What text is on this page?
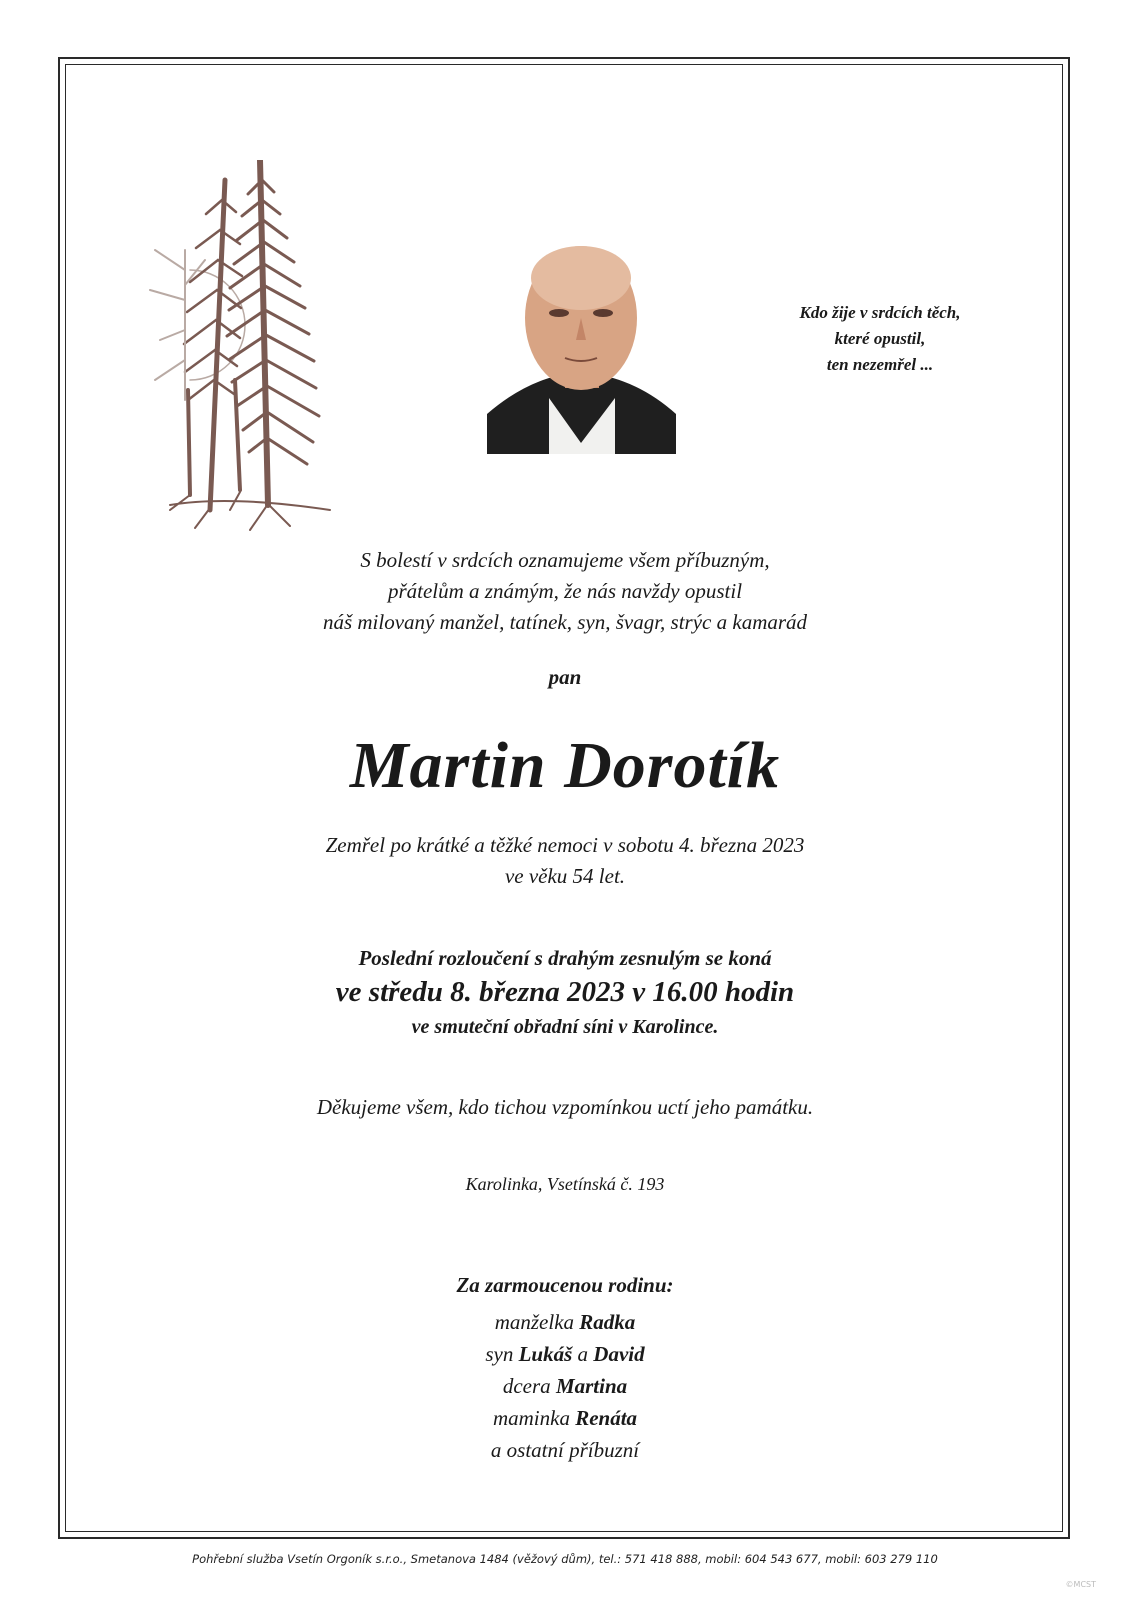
Kdo žije v srdcích těch,
které opustil,
ten nezemřel ...
S bolestí v srdcích oznamujeme všem příbuzným,
přátelům a známým, že nás navždy opustil
náš milovaný manžel, tatínek, syn, švagr, strýc a kamarád
pan
Martin Dorotík
Zemřel po krátké a těžké nemoci v sobotu 4. března 2023
ve věku 54 let.
Poslední rozloučení s drahým zesnulým se koná
ve středu 8. března 2023 v 16.00 hodin
ve smuteční obřadní síni v Karolince.
Děkujeme všem, kdo tichou vzpomínkou uctí jeho památku.
Karolinka, Vsetínská č. 193
Za zarmoucenou rodinu:
manželka Radka
syn Lukáš a David
dcera Martina
maminka Renáta
a ostatní příbuzní
Pohřební služba Vsetín Orgoník s.r.o., Smetanova 1484 (věžový dům), tel.: 571 418 888, mobil: 604 543 677, mobil: 603 279 110
©MCST
